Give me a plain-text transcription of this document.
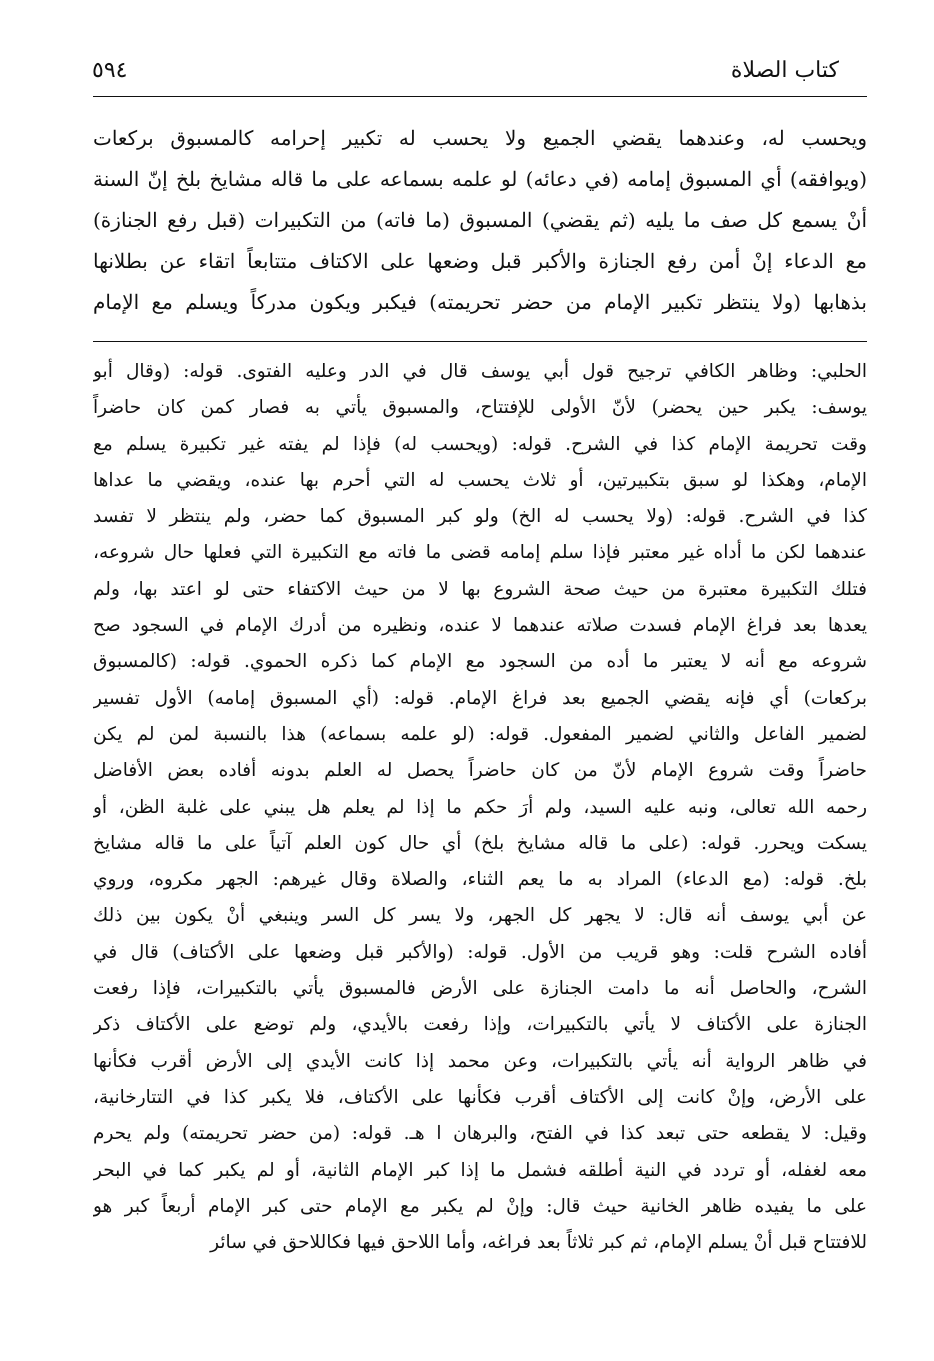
كتاب الصلاة
٥٩٤

ويحسب له، وعندهما يقضي الجميع ولا يحسب له تكبير إحرامه كالمسبوق بركعات

(ويوافقه) أي المسبوق إمامه (في دعائه) لو علمه بسماعه على ما قاله مشايخ بلخ إنّ السنة

أنْ يسمع كل صف ما يليه (ثم يقضي) المسبوق (ما فاته) من التكبيرات (قبل رفع الجنازة)

مع الدعاء إنْ أمن رفع الجنازة والأكبر قبل وضعها على الاكتاف متتابعاً اتقاء عن بطلانها

بذهابها (ولا ينتظر تكبير الإمام من حضر تحريمته) فيكبر ويكون مدركاً ويسلم مع الإمام

الحلبي: وظاهر الكافي ترجيح قول أبي يوسف قال في الدر وعليه الفتوى. قوله: (وقال أبو

يوسف: يكبر حين يحضر) لأنّ الأولى للإفتتاح، والمسبوق يأتي به فصار كمن كان حاضراً

وقت تحريمة الإمام كذا في الشرح. قوله: (ويحسب له) فإذا لم يفته غير تكبيرة يسلم مع

الإمام، وهكذا لو سبق بتكبيرتين، أو ثلاث يحسب له التي أحرم بها عنده، ويقضي ما عداها

كذا في الشرح. قوله: (ولا يحسب له الخ) ولو كبر المسبوق كما حضر، ولم ينتظر لا تفسد

عندهما لكن ما أداه غير معتبر فإذا سلم إمامه قضى ما فاته مع التكبيرة التي فعلها حال شروعه،

فتلك التكبيرة معتبرة من حيث صحة الشروع بها لا من حيث الاكتفاء حتى لو اعتد بها، ولم

يعدها بعد فراغ الإمام فسدت صلاته عندهما لا عنده، ونظيره من أدرك الإمام في السجود صح

شروعه مع أنه لا يعتبر ما أده من السجود مع الإمام كما ذكره الحموي. قوله: (كالمسبوق

بركعات) أي فإنه يقضي الجميع بعد فراغ الإمام. قوله: (أي المسبوق إمامه) الأول تفسير

لضمير الفاعل والثاني لضمير المفعول. قوله: (لو علمه بسماعه) هذا بالنسبة لمن لم يكن

حاضراً وقت شروع الإمام لأنّ من كان حاضراً يحصل له العلم بدونه أفاده بعض الأفاضل

رحمه الله تعالى، ونبه عليه السيد، ولم أرَ حكم ما إذا لم يعلم هل يبني على غلبة الظن، أو

يسكت ويحرر. قوله: (على ما قاله مشايخ بلخ) أي حال كون العلم آتياً على ما قاله مشايخ

بلخ. قوله: (مع الدعاء) المراد به ما يعم الثناء، والصلاة وقال غيرهم: الجهر مكروه، وروي

عن أبي يوسف أنه قال: لا يجهر كل الجهر، ولا يسر كل السر وينبغي أنْ يكون بين ذلك

أفاده الشرح قلت: وهو قريب من الأول. قوله: (والأكبر قبل وضعها على الأكتاف) قال في

الشرح، والحاصل أنه ما دامت الجنازة على الأرض فالمسبوق يأتي بالتكبيرات، فإذا رفعت

الجنازة على الأكتاف لا يأتي بالتكبيرات، وإذا رفعت بالأيدي، ولم توضع على الأكتاف ذكر

في ظاهر الرواية أنه يأتي بالتكبيرات، وعن محمد إذا كانت الأيدي إلى الأرض أقرب فكأنها

على الأرض، وإنْ كانت إلى الأكتاف أقرب فكأنها على الأكتاف، فلا يكبر كذا في التتارخانية،

وقيل: لا يقطعه حتى تبعد كذا في الفتح، والبرهان ا هـ. قوله: (من حضر تحريمته) ولم يحرم

معه لغفله، أو تردد في النية أطلقه فشمل ما إذا كبر الإمام الثانية، أو لم يكبر كما في البحر

على ما يفيده ظاهر الخانية حيث قال: وإنْ لم يكبر مع الإمام حتى كبر الإمام أربعاً كبر هو

للافتتاح قبل أنْ يسلم الإمام، ثم كبر ثلاثاً بعد فراغه، وأما اللاحق فيها فكاللاحق في سائر
